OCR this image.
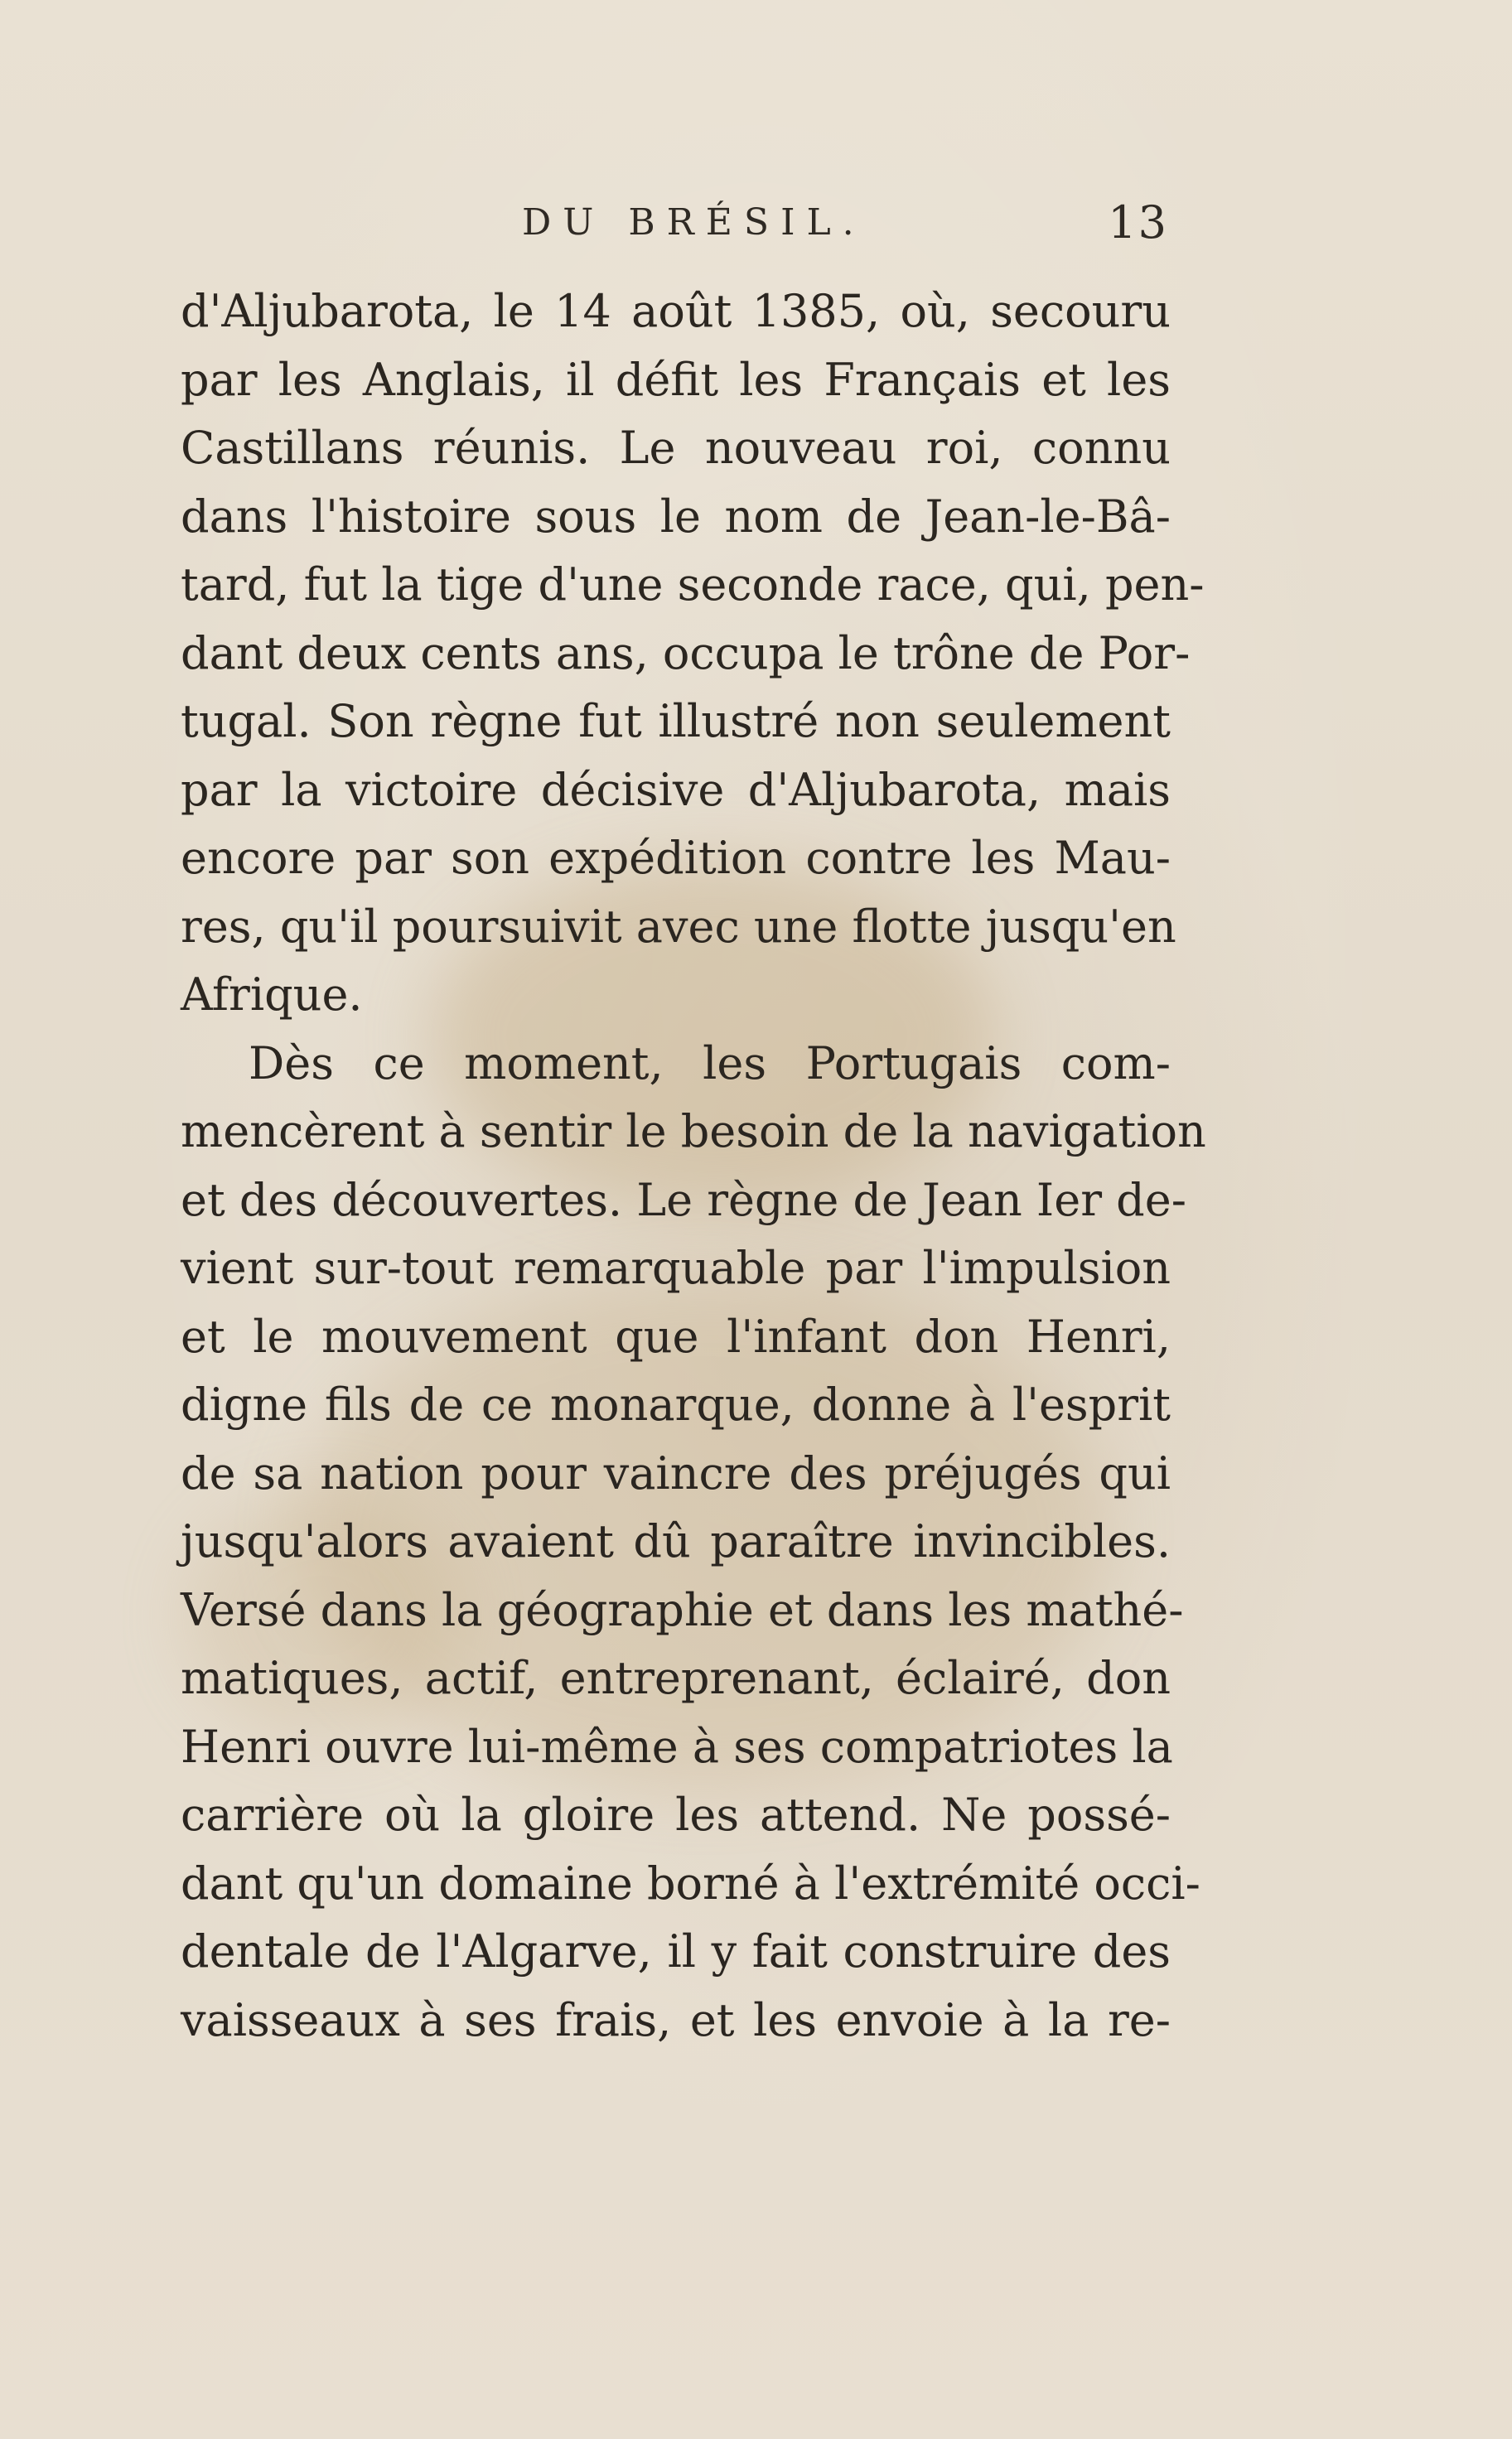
DU BRÉSIL.	13
d'Aljubarota, le 14 août 1385, où, secouru
par les Anglais, il défit les Français et les
Castillans réunis. Le nouveau roi, connu
dans l'histoire sous le nom de Jean-le-Bâ-
tard, fut la tige d'une seconde race, qui, pen-
dant deux cents ans, occupa le trône de Por-
tugal. Son règne fut illustré non seulement
par la victoire décisive d'Aljubarota, mais
encore par son expédition contre les Mau-
res, qu'il poursuivit avec une flotte jusqu'en
Afrique.
Dès ce moment, les Portugais com-
mencèrent à sentir le besoin de la navigation
et des découvertes. Le règne de Jean Ier de-
vient sur-tout remarquable par l'impulsion
et le mouvement que l'infant don Henri,
digne fils de ce monarque, donne à l'esprit
de sa nation pour vaincre des préjugés qui
jusqu'alors avaient dû paraître invincibles.
Versé dans la géographie et dans les mathé-
matiques, actif, entreprenant, éclairé, don
Henri ouvre lui-même à ses compatriotes la
carrière où la gloire les attend. Ne possé-
dant qu'un domaine borné à l'extrémité occi-
dentale de l'Algarve, il y fait construire des
vaisseaux à ses frais, et les envoie à la re-
